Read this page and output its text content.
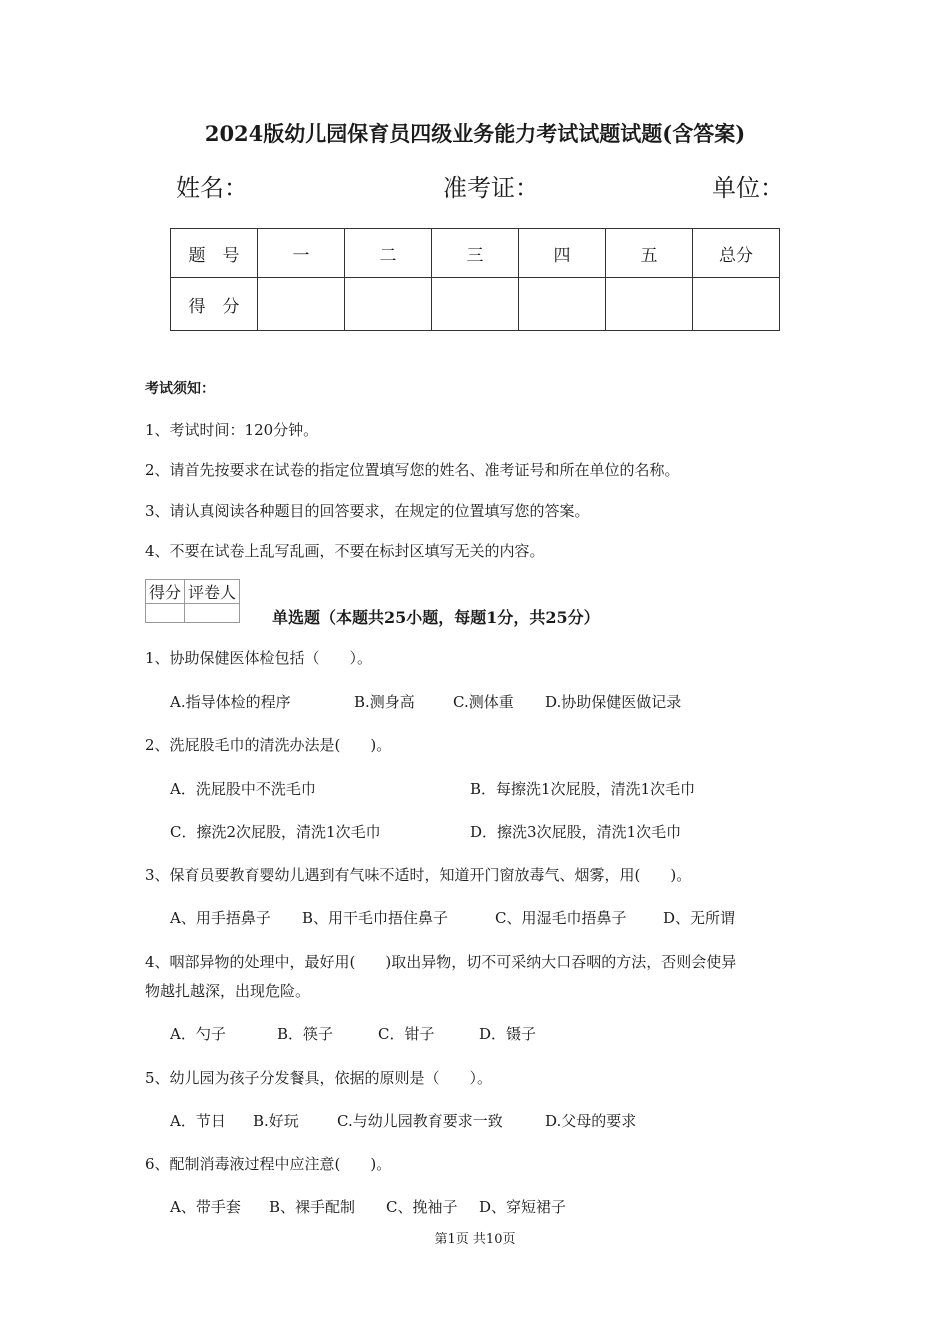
2024版幼儿园保育员四级业务能力考试试题试题(含答案)
姓名：	准考证：	单位：
题　号	一	二	三	四	五	总分
得　分						
考试须知：
1、考试时间：120分钟。
2、请首先按要求在试卷的指定位置填写您的姓名、准考证号和所在单位的名称。
3、请认真阅读各种题目的回答要求，在规定的位置填写您的答案。
4、不要在试卷上乱写乱画，不要在标封区填写无关的内容。
得分	评卷人

单选题（本题共25小题，每题1分，共25分）
1、协助保健医体检包括（　　）。
A.指导体检的程序	B.测身高	C.测体重 D.协助保健医做记录
2、洗屁股毛巾的清洗办法是(　　)。
A．洗屁股中不洗毛巾	B．每擦洗1次屁股，清洗1次毛巾
C．擦洗2次屁股，清洗1次毛巾	D．擦洗3次屁股，清洗1次毛巾
3、保育员要教育婴幼儿遇到有气味不适时，知道开门窗放毒气、烟雾，用(　　)。
A、用手捂鼻子 B、用干毛巾捂住鼻子	C、用湿毛巾捂鼻子 D、无所谓
4、咽部异物的处理中，最好用(　　)取出异物，切不可采纳大口吞咽的方法，否则会使异
物越扎越深，出现危险。
A．勺子	B．筷子	C．钳子	D．镊子
5、幼儿园为孩子分发餐具，依据的原则是（　　）。
A．节日 B.好玩	C.与幼儿园教育要求一致	D.父母的要求
6、配制消毒液过程中应注意(　　)。
A、带手套 B、裸手配制 C、挽袖子 D、穿短裙子
第1页 共10页
